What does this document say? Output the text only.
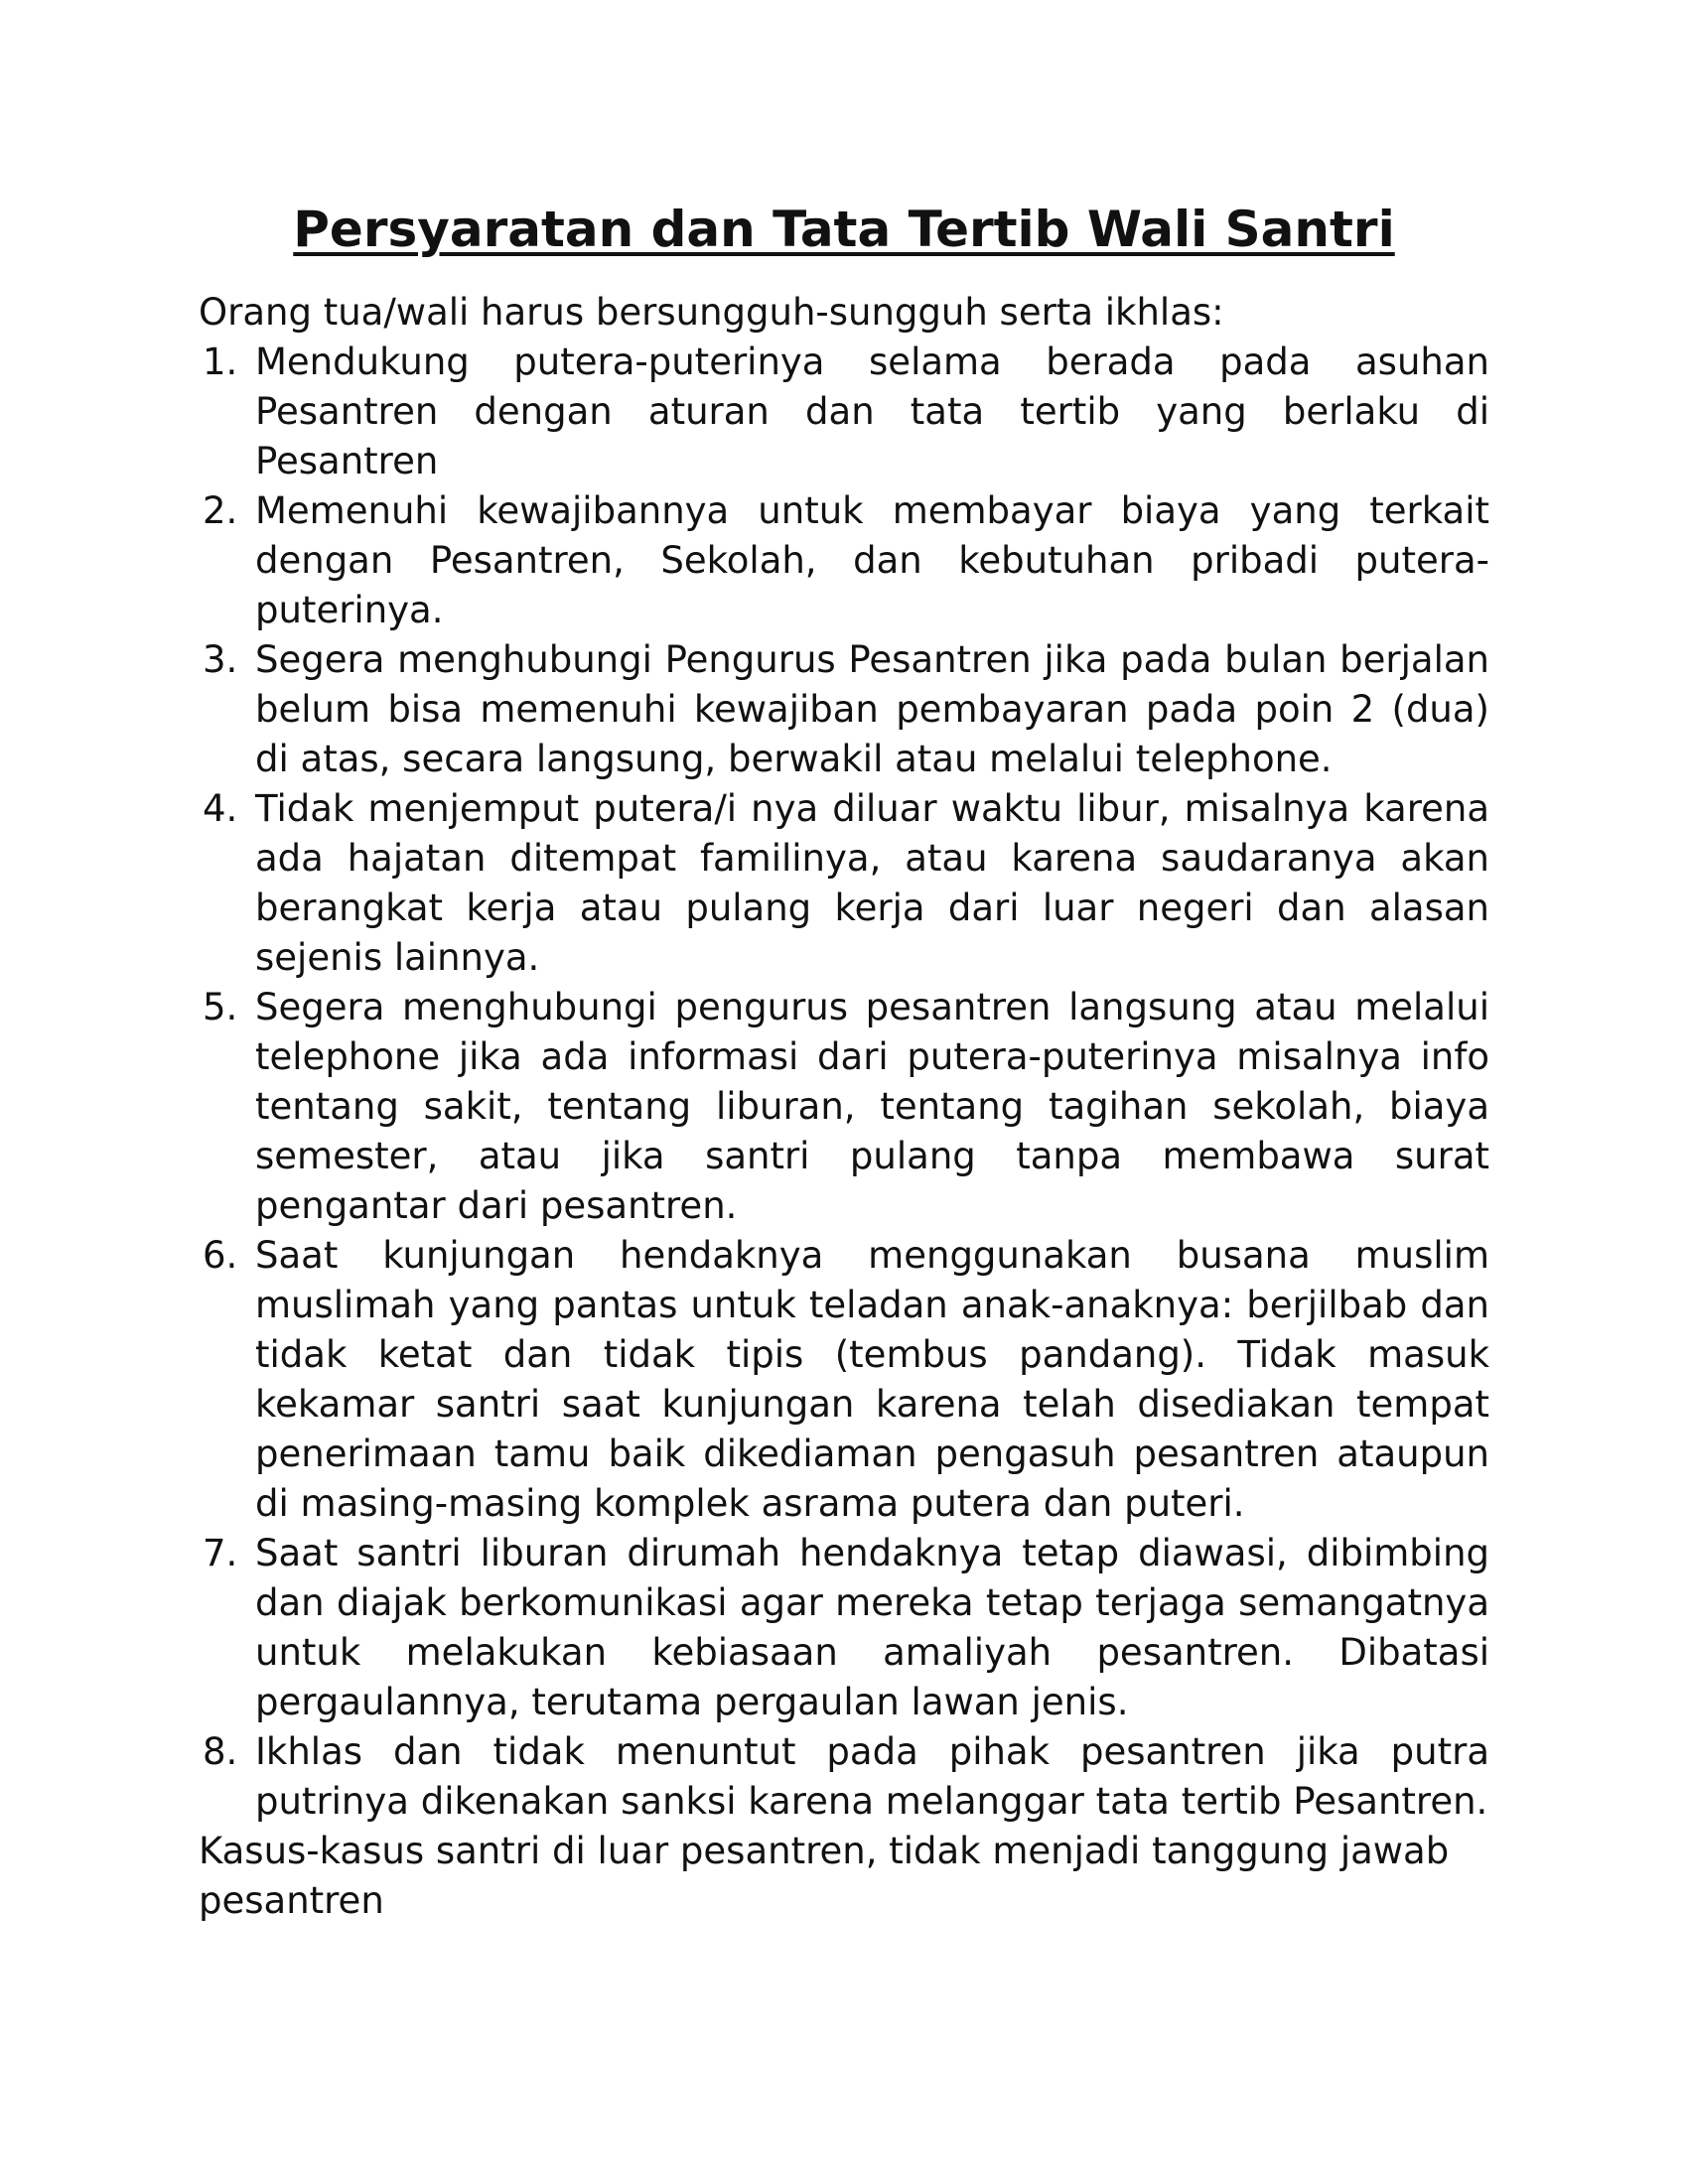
Persyaratan dan Tata Tertib Wali Santri

Orang tua/wali harus bersungguh-sungguh serta ikhlas:

1. Mendukung putera-puterinya selama berada pada asuhan Pesantren dengan aturan dan tata tertib yang berlaku di Pesantren
2. Memenuhi kewajibannya untuk membayar biaya yang terkait dengan Pesantren, Sekolah, dan kebutuhan pribadi putera-puterinya.
3. Segera menghubungi Pengurus Pesantren jika pada bulan berjalan belum bisa memenuhi kewajiban pembayaran pada poin 2 (dua) di atas, secara langsung, berwakil atau melalui telephone.
4. Tidak menjemput putera/i nya diluar waktu libur, misalnya karena ada hajatan ditempat familinya, atau karena saudaranya akan berangkat kerja atau pulang kerja dari luar negeri dan alasan sejenis lainnya.
5. Segera menghubungi pengurus pesantren langsung atau melalui telephone jika ada informasi dari putera-puterinya misalnya info tentang sakit, tentang liburan, tentang tagihan sekolah, biaya semester, atau jika santri pulang tanpa membawa surat pengantar dari pesantren.
6. Saat kunjungan hendaknya menggunakan busana muslim muslimah yang pantas untuk teladan anak-anaknya: berjilbab dan tidak ketat dan tidak tipis (tembus pandang). Tidak masuk kekamar santri saat kunjungan karena telah disediakan tempat penerimaan tamu baik dikediaman pengasuh pesantren ataupun di masing-masing komplek asrama putera dan puteri.
7. Saat santri liburan dirumah hendaknya tetap diawasi, dibimbing dan diajak berkomunikasi agar mereka tetap terjaga semangatnya untuk melakukan kebiasaan amaliyah pesantren. Dibatasi pergaulannya, terutama pergaulan lawan jenis.
8. Ikhlas dan tidak menuntut pada pihak pesantren jika putra putrinya dikenakan sanksi karena melanggar tata tertib Pesantren.

Kasus-kasus santri di luar pesantren, tidak menjadi tanggung jawab
pesantren
